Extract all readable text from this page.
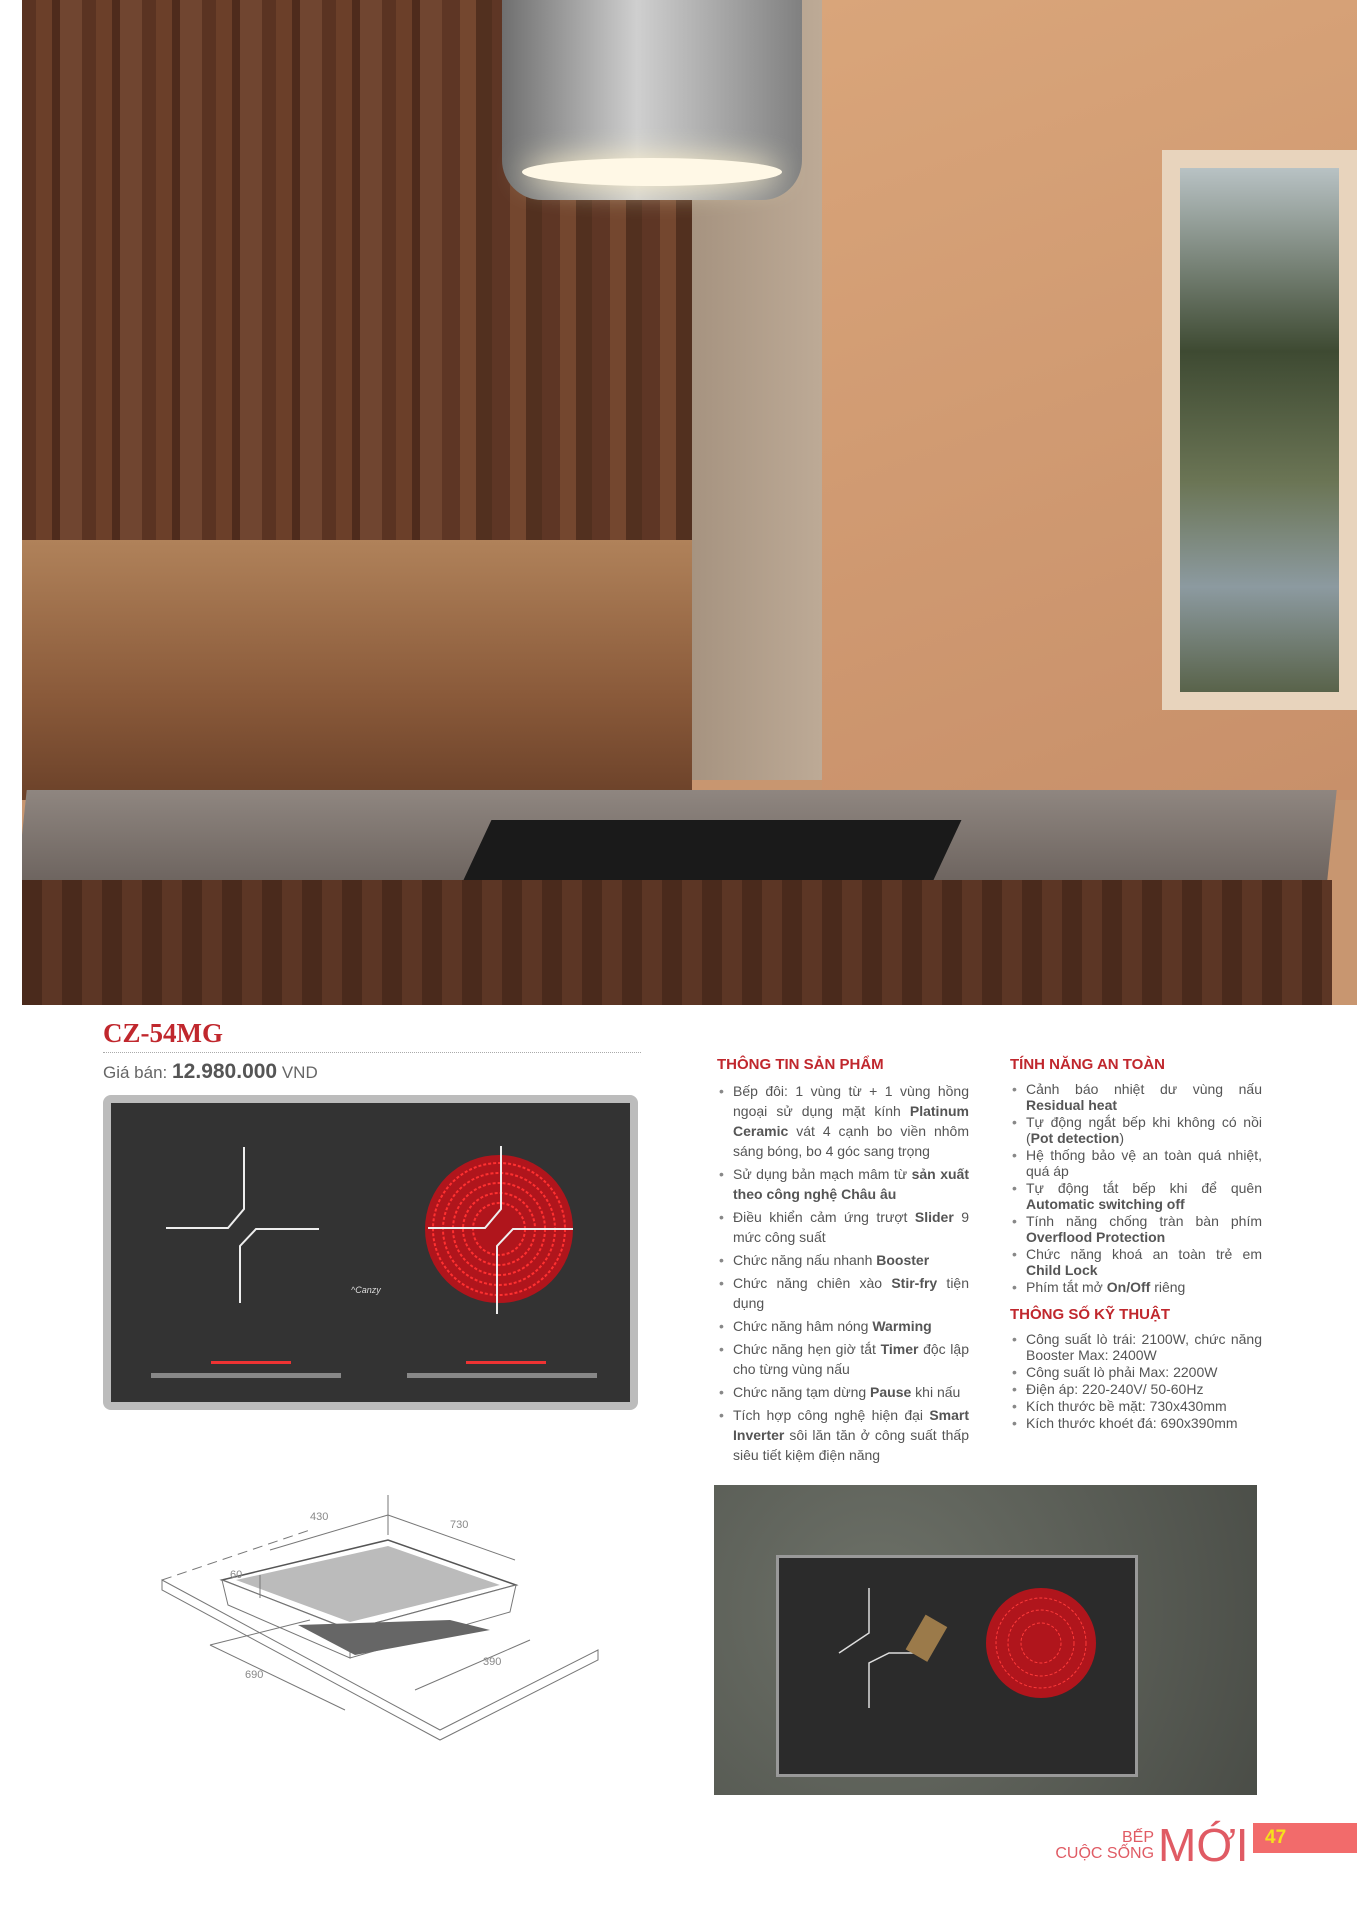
CZ-54MG
Giá bán: 12.980.000 VND
^Canzy
THÔNG TIN SẢN PHẨM
• Bếp đôi: 1 vùng từ + 1 vùng hồng ngoại sử dụng mặt kính Platinum Ceramic vát 4 cạnh bo viền nhôm sáng bóng, bo 4 góc sang trọng
• Sử dụng bản mạch mâm từ sản xuất theo công nghệ Châu âu
• Điều khiển cảm ứng trượt Slider 9 mức công suất
• Chức năng nấu nhanh Booster
• Chức năng chiên xào Stir-fry tiện dụng
• Chức năng hâm nóng Warming
• Chức năng hẹn giờ tắt Timer độc lập cho từng vùng nấu
• Chức năng tạm dừng Pause khi nấu
• Tích hợp công nghệ hiện đại Smart Inverter sôi lăn tăn ở công suất thấp siêu tiết kiệm điện năng
TÍNH NĂNG AN TOÀN
• Cảnh báo nhiệt dư vùng nấu Residual heat
• Tự động ngắt bếp khi không có nồi (Pot detection)
• Hệ thống bảo vệ an toàn quá nhiệt, quá áp
• Tự động tắt bếp khi để quên Automatic switching off
• Tính năng chống tràn bàn phím Overflood Protection
• Chức năng khoá an toàn trẻ em Child Lock
• Phím tắt mở On/Off riêng
THÔNG SỐ KỸ THUẬT
• Công suất lò trái: 2100W, chức năng Booster Max: 2400W
• Công suất lò phải Max: 2200W
• Điện áp: 220-240V/ 50-60Hz
• Kích thước bề mặt: 730x430mm
• Kích thước khoét đá: 690x390mm
430
730
60
690
390
BẾP
CUỘC SỐNG MỚI 47
